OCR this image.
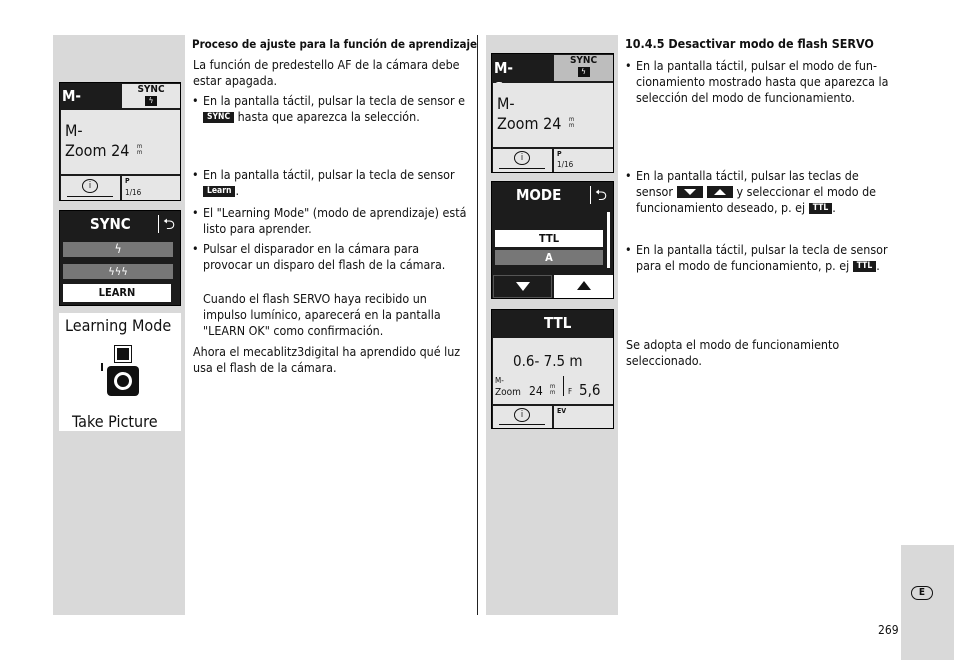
M-	SYNC
ϟ
M-
Zoom 24 m m
i	P
1/16
SYNC	⮌
ϟ
ϟϟϟ
LEARN
Learning Mode
Take Picture
Proceso de ajuste para la función de aprendizaje
La función de predestello AF de la cámara debe estar apagada.
• En la pantalla táctil, pulsar la tecla de sensor e SYNC hasta que aparezca la selección.
• En la pantalla táctil, pulsar la tecla de sensor Learn .
• El "Learning Mode" (modo de aprendizaje) está listo para aprender.
• Pulsar el disparador en la cámara para provocar un disparo del flash de la cámara.
Cuando el flash SERVO haya recibido un impulso lumínico, aparecerá en la pantalla "LEARN OK" como confirmación.
Ahora el mecablitz3digital ha aprendido qué luz usa el flash de la cámara.
M-	SYNC
ϟ
M-
Zoom 24 m m
i	P
1/16
MODE	⮌
TTL
A
TTL
0.6- 7.5 m
M-
Zoom 24 m m F 5,6
i	EV
10.4.5 Desactivar modo de flash SERVO
• En la pantalla táctil, pulsar el modo de fun-cionamiento mostrado hasta que aparezca la selección del modo de funcionamiento.
• En la pantalla táctil, pulsar las teclas de sensor	y seleccionar el modo de funcionamiento deseado, p. ej TTL .
• En la pantalla táctil, pulsar la tecla de sensor para el modo de funcionamiento, p. ej TTL .
Se adopta el modo de funcionamiento seleccionado.
E
269
